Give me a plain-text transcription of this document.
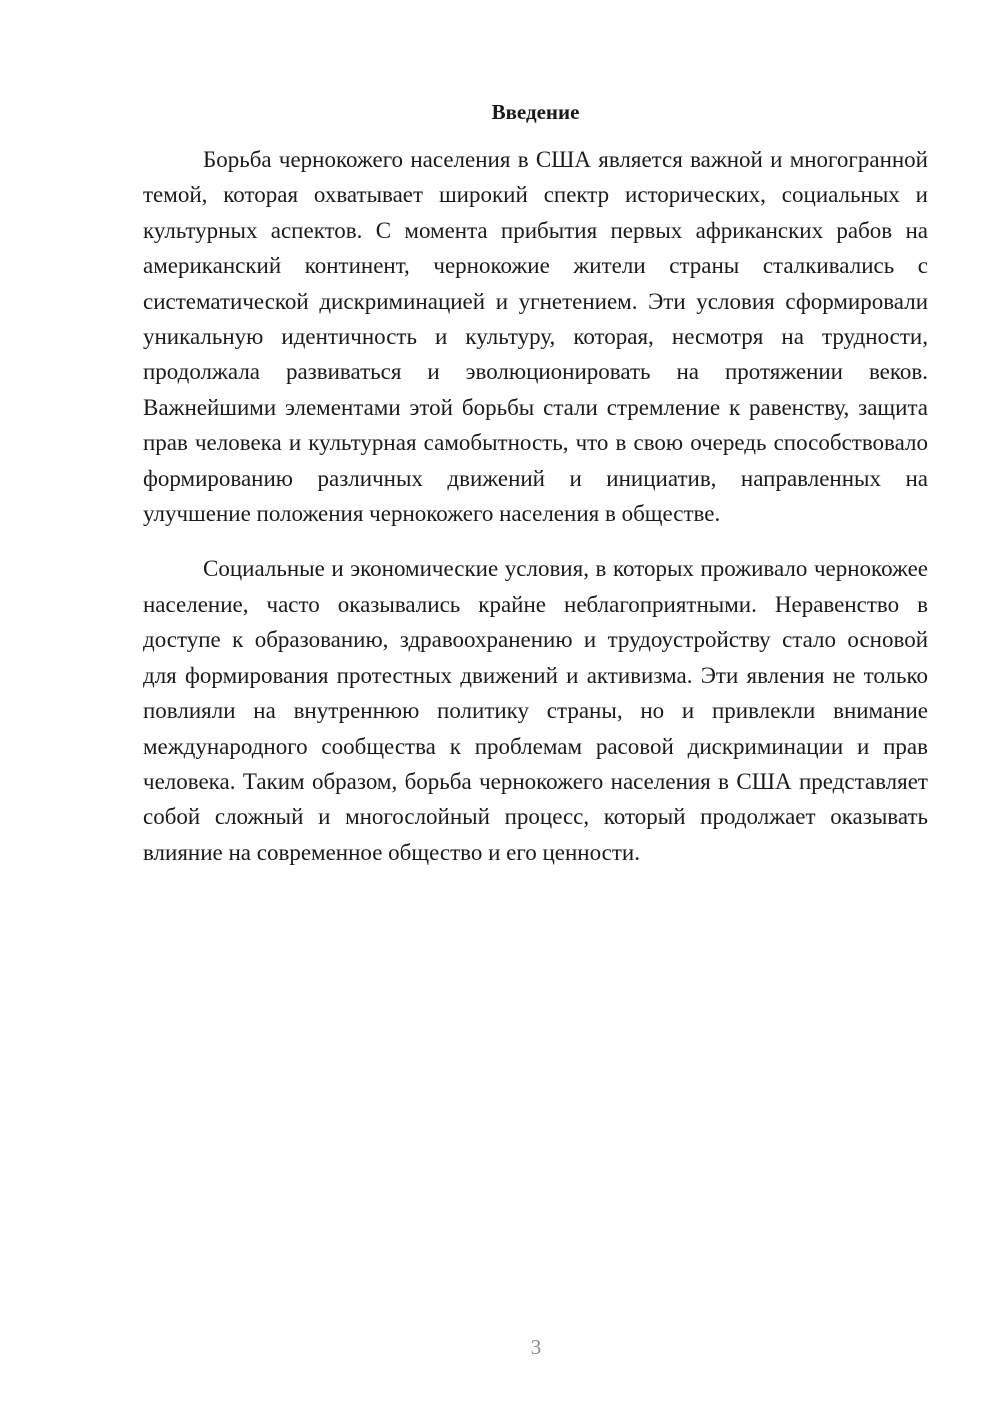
Введение

Борьба чернокожего населения в США является важной и многогранной темой, которая охватывает широкий спектр исторических, социальных и культурных аспектов. С момента прибытия первых африканских рабов на американский континент, чернокожие жители страны сталкивались с систематической дискриминацией и угнетением. Эти условия сформировали уникальную идентичность и культуру, которая, несмотря на трудности, продолжала развиваться и эволюционировать на протяжении веков. Важнейшими элементами этой борьбы стали стремление к равенству, защита прав человека и культурная самобытность, что в свою очередь способствовало формированию различных движений и инициатив, направленных на улучшение положения чернокожего населения в обществе.

Социальные и экономические условия, в которых проживало чернокожее население, часто оказывались крайне неблагоприятными. Неравенство в доступе к образованию, здравоохранению и трудоустройству стало основой для формирования протестных движений и активизма. Эти явления не только повлияли на внутреннюю политику страны, но и привлекли внимание международного сообщества к проблемам расовой дискриминации и прав человека. Таким образом, борьба чернокожего населения в США представляет собой сложный и многослойный процесс, который продолжает оказывать влияние на современное общество и его ценности.

3
